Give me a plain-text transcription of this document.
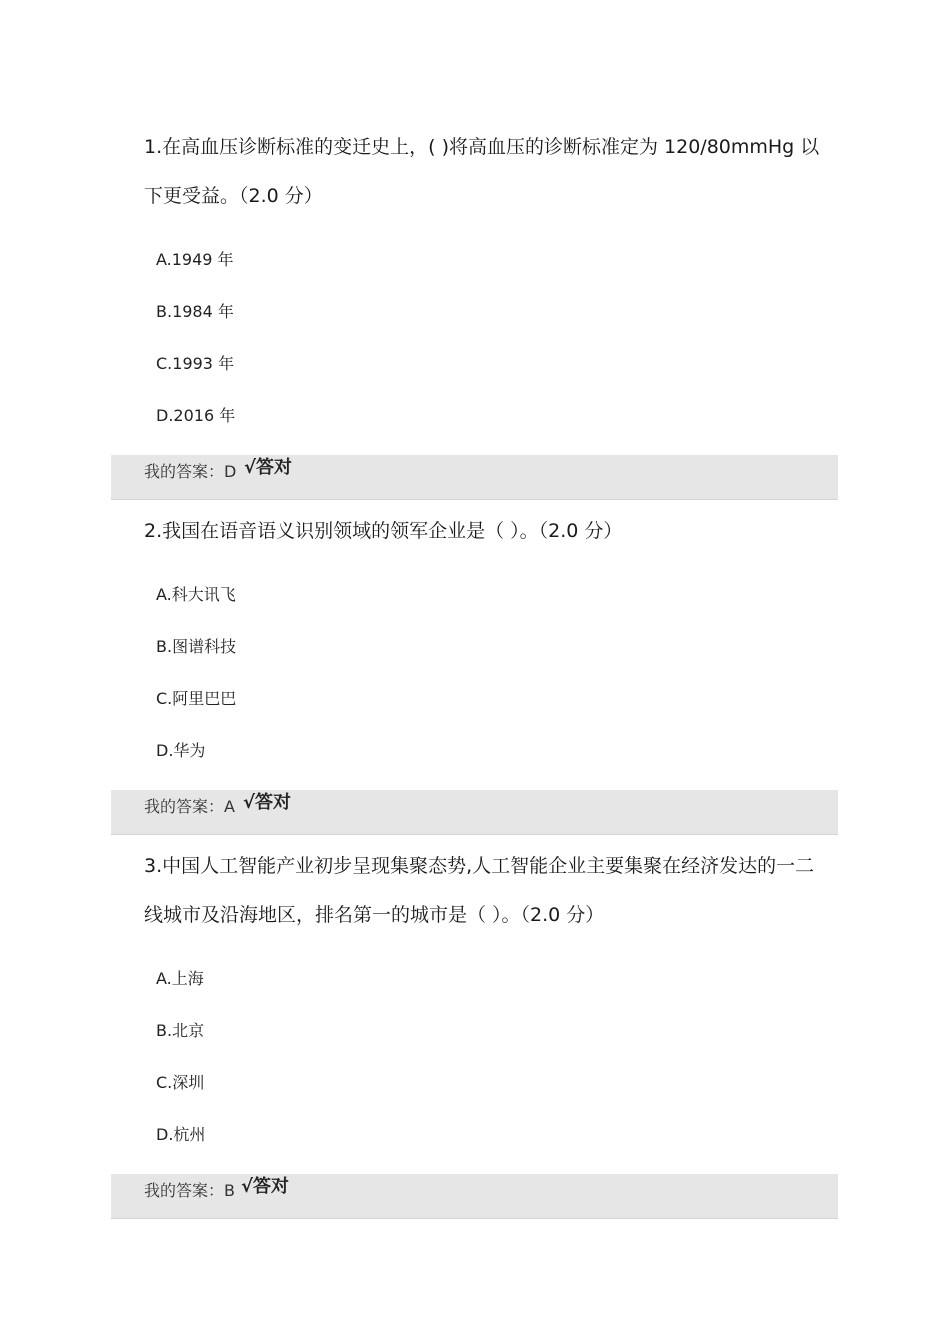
1.在高血压诊断标准的变迁史上，( )将高血压的诊断标准定为 120/80mmHg 以下更受益。（2.0 分）

A.1949 年
B.1984 年
C.1993 年
D.2016 年
我的答案：D √答对

2.我国在语音语义识别领域的领军企业是（ ）。（2.0 分）

A.科大讯飞
B.图谱科技
C.阿里巴巴
D.华为
我的答案：A √答对

3.中国人工智能产业初步呈现集聚态势,人工智能企业主要集聚在经济发达的一二线城市及沿海地区，排名第一的城市是（ ）。（2.0 分）

A.上海
B.北京
C.深圳
D.杭州
我的答案：B √答对
